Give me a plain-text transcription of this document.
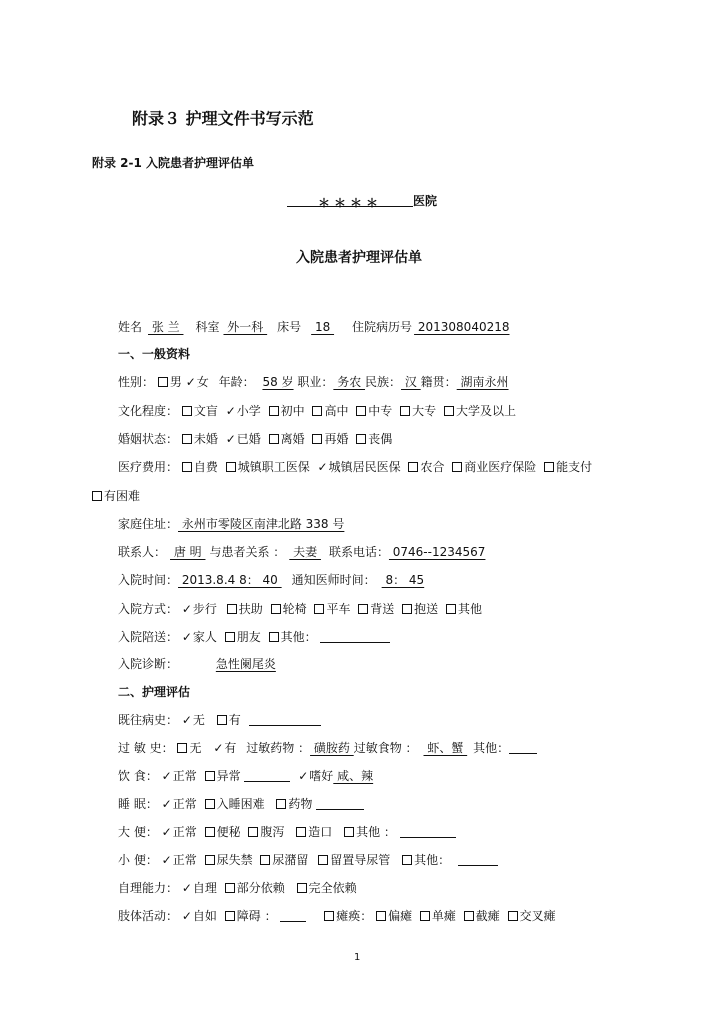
附录３ 护理文件书写示范
附录 2-1 入院患者护理评估单
＊＊＊＊	医院
入院患者护理评估单
姓名 张 兰 科室 外一科 床号 18 住院病历号 201308040218
一、一般资料
性别： 男 ✓女 年龄： 58 岁 职业： 务农 民族： 汉 籍贯： 湖南永州
文化程度： 文盲 ✓小学 初中 高中 中专 大专 大学及以上
婚姻状态： 未婚 ✓已婚 离婚 再婚 丧偶
医疗费用： 自费 城镇职工医保 ✓城镇居民医保 农合 商业医疗保险 能支付
有困难
家庭住址： 永州市零陵区南津北路 338 号
联系人： 唐 明 与患者关系 ： 夫妻 联系电话： 0746--1234567
入院时间： 2013.8.4 8： 40 通知医师时间： 8： 45
入院方式： ✓步行 扶助 轮椅 平车 背送 抱送 其他
入院陪送： ✓家人 朋友 其他：
入院诊断：	急性阑尾炎
二、护理评估
既往病史： ✓无 有
过 敏 史： 无 ✓有 过敏药物 ： 磺胺药 过敏食物 ： 虾、蟹 其他：
饮 食： ✓正常 异常	✓嗜好 咸、辣
睡 眠： ✓正常 入睡困难 药物
大 便： ✓正常 便秘 腹泻 造口 其他 ：
小 便： ✓正常 尿失禁 尿潴留 留置导尿管 其他：
自理能力： ✓自理 部分依赖 完全依赖
肢体活动： ✓自如 障碍 ：	瘫痪： 偏瘫 单瘫 截瘫 交叉瘫
1
